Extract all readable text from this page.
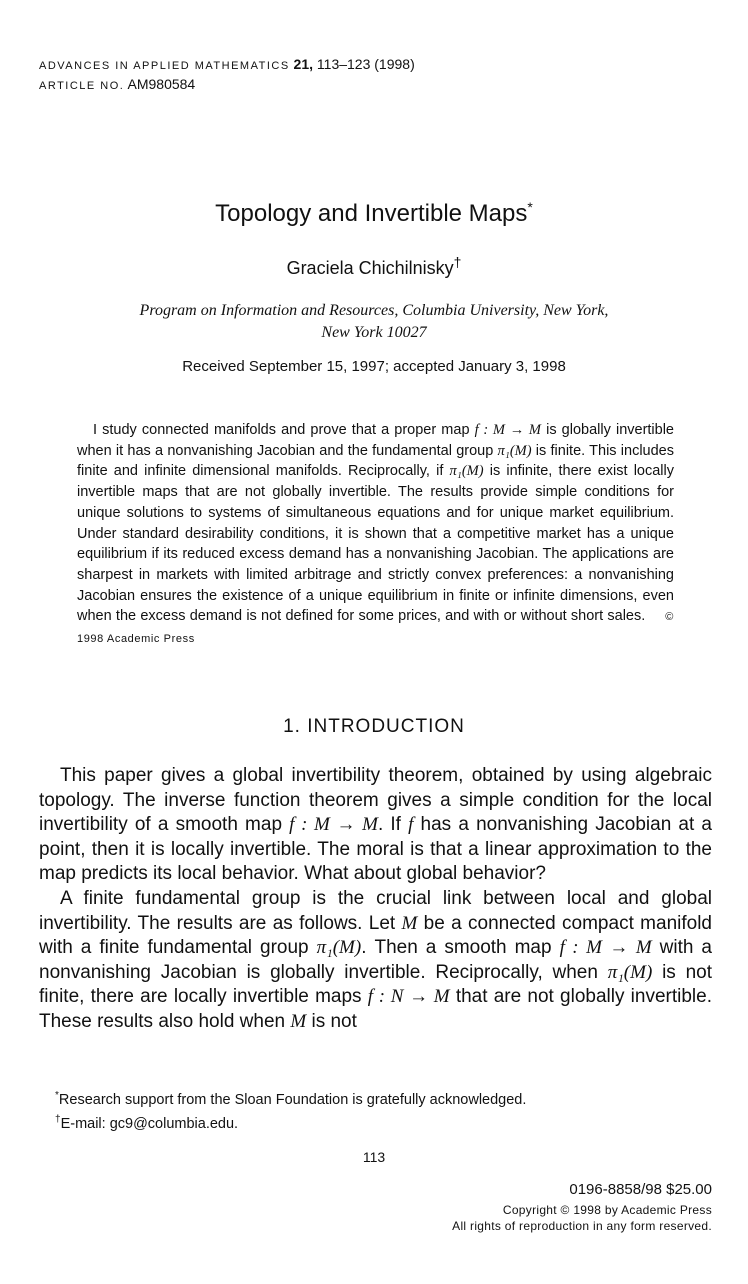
ADVANCES IN APPLIED MATHEMATICS 21, 113–123 (1998)
ARTICLE NO. AM980584
Topology and Invertible Maps*
Graciela Chichilnisky†
Program on Information and Resources, Columbia University, New York,
New York 10027
Received September 15, 1997; accepted January 3, 1998

I study connected manifolds and prove that a proper map f : M → M is globally invertible when it has a nonvanishing Jacobian and the fundamental group π₁(M) is finite. This includes finite and infinite dimensional manifolds. Reciprocally, if π₁(M) is infinite, there exist locally invertible maps that are not globally invertible. The results provide simple conditions for unique solutions to systems of simultaneous equations and for unique market equilibrium. Under standard desirability conditions, it is shown that a competitive market has a unique equilibrium if its reduced excess demand has a nonvanishing Jacobian. The applications are sharpest in markets with limited arbitrage and strictly convex preferences: a nonvanishing Jacobian ensures the existence of a unique equilibrium in finite or infinite dimensions, even when the excess demand is not defined for some prices, and with or without short sales. © 1998 Academic Press

1. INTRODUCTION

This paper gives a global invertibility theorem, obtained by using algebraic topology. The inverse function theorem gives a simple condition for the local invertibility of a smooth map f : M → M. If f has a nonvanishing Jacobian at a point, then it is locally invertible. The moral is that a linear approximation to the map predicts its local behavior. What about global behavior?

A finite fundamental group is the crucial link between local and global invertibility. The results are as follows. Let M be a connected compact manifold with a finite fundamental group π₁(M). Then a smooth map f : M → M with a nonvanishing Jacobian is globally invertible. Reciprocally, when π₁(M) is not finite, there are locally invertible maps f : N → M that are not globally invertible. These results also hold when M is not

*Research support from the Sloan Foundation is gratefully acknowledged.
†E-mail: gc9@columbia.edu.
113
0196-8858/98 $25.00
Copyright © 1998 by Academic Press
All rights of reproduction in any form reserved.
